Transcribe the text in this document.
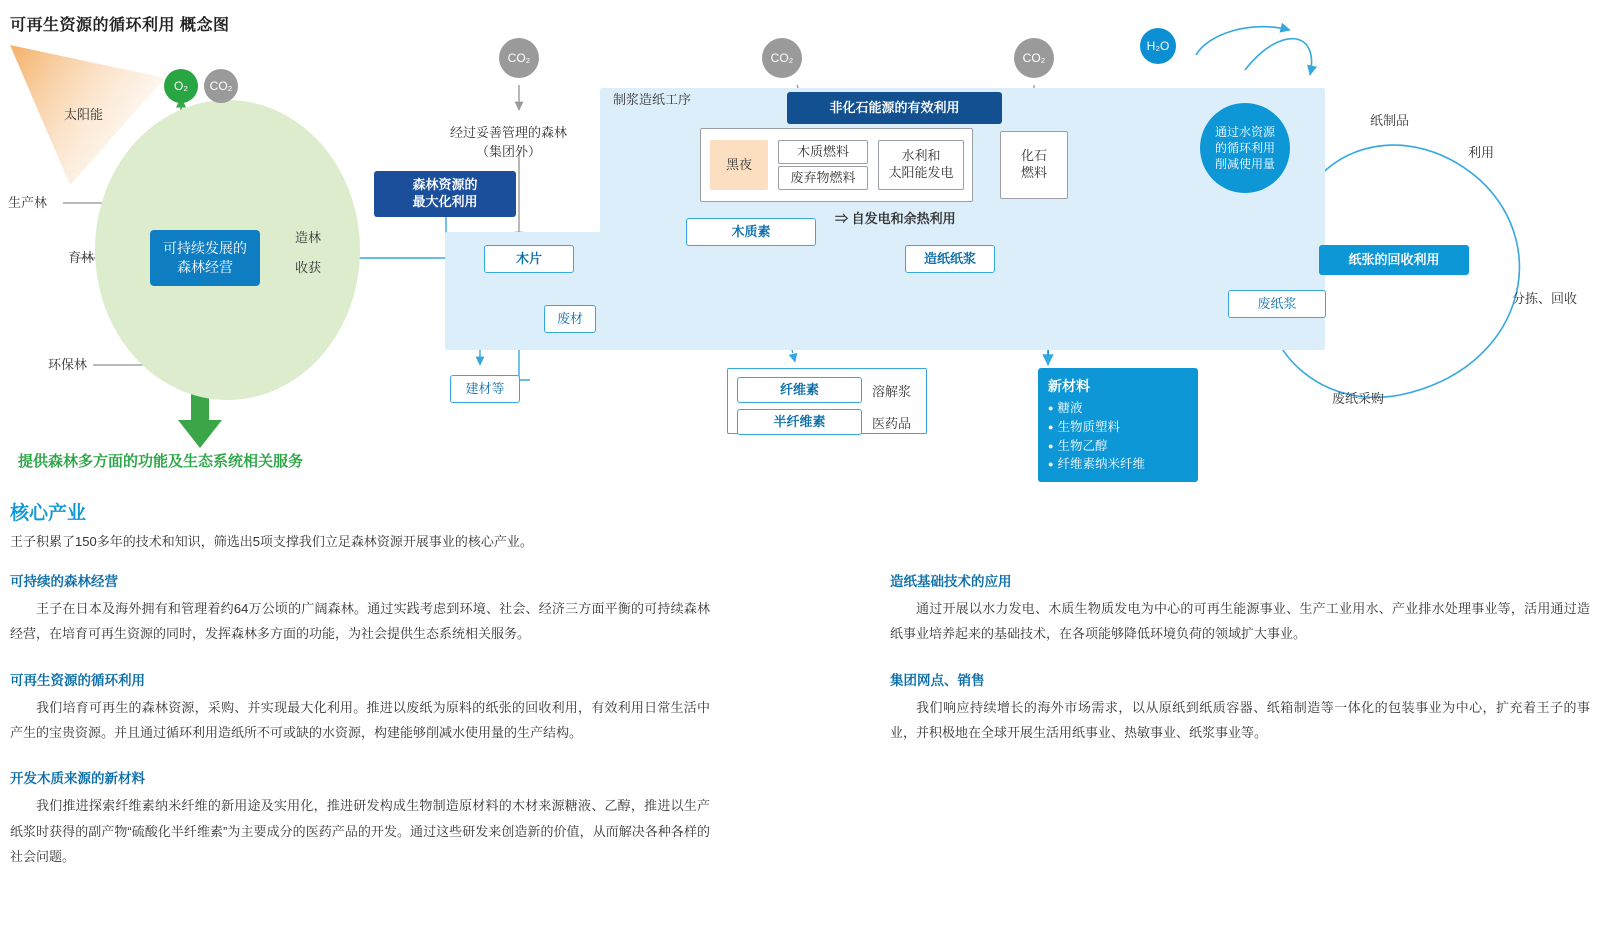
可再生资源的循环利用 概念图
可持续发展的
森林经营
O₂	CO₂
CO₂	CO₂	CO₂
H₂O
太阳能
生产林
育林
环保林
造林
收获
提供森林多方面的功能及生态系统相关服务
森林资源的
最大化利用
经过妥善管理的森林
（集团外）
制浆造纸工序
非化石能源的有效利用
黑夜
木质燃料
废弃物燃料
水利和
太阳能发电
化石
燃料
⇒ 自发电和余热利用
木质素
木片
废材
建材等
造纸纸浆
纤维素
半纤维素
溶解浆
医药品
新材料
● 糖液
● 生物质塑料
● 生物乙醇
● 纤维素纳米纤维
通过水资源
的循环利用
削减使用量
纸张的回收利用
废纸浆
纸制品
利用
分拣、回收
废纸采购
核心产业
王子积累了150多年的技术和知识，筛选出5项支撑我们立足森林资源开展事业的核心产业。
可持续的森林经营

王子在日本及海外拥有和管理着约64万公顷的广阔森林。通过实践考虑到环境、社会、经济三方面平衡的可持续森林经营，在培育可再生资源的同时，发挥森林多方面的功能，为社会提供生态系统相关服务。

可再生资源的循环利用

我们培育可再生的森林资源，采购、并实现最大化利用。推进以废纸为原料的纸张的回收利用，有效利用日常生活中产生的宝贵资源。并且通过循环利用造纸所不可或缺的水资源，构建能够削减水使用量的生产结构。

开发木质来源的新材料

我们推进探索纤维素纳米纤维的新用途及实用化，推进研发构成生物制造原材料的木材来源糖液、乙醇，推进以生产纸浆时获得的副产物“硫酸化半纤维素”为主要成分的医药产品的开发。通过这些研发来创造新的价值，从而解决各种各样的社会问题。

造纸基础技术的应用

通过开展以水力发电、木质生物质发电为中心的可再生能源事业、生产工业用水、产业排水处理事业等，活用通过造纸事业培养起来的基础技术，在各项能够降低环境负荷的领域扩大事业。

集团网点、销售

我们响应持续增长的海外市场需求，以从原纸到纸质容器、纸箱制造等一体化的包装事业为中心，扩充着王子的事业，并积极地在全球开展生活用纸事业、热敏事业、纸浆事业等。
